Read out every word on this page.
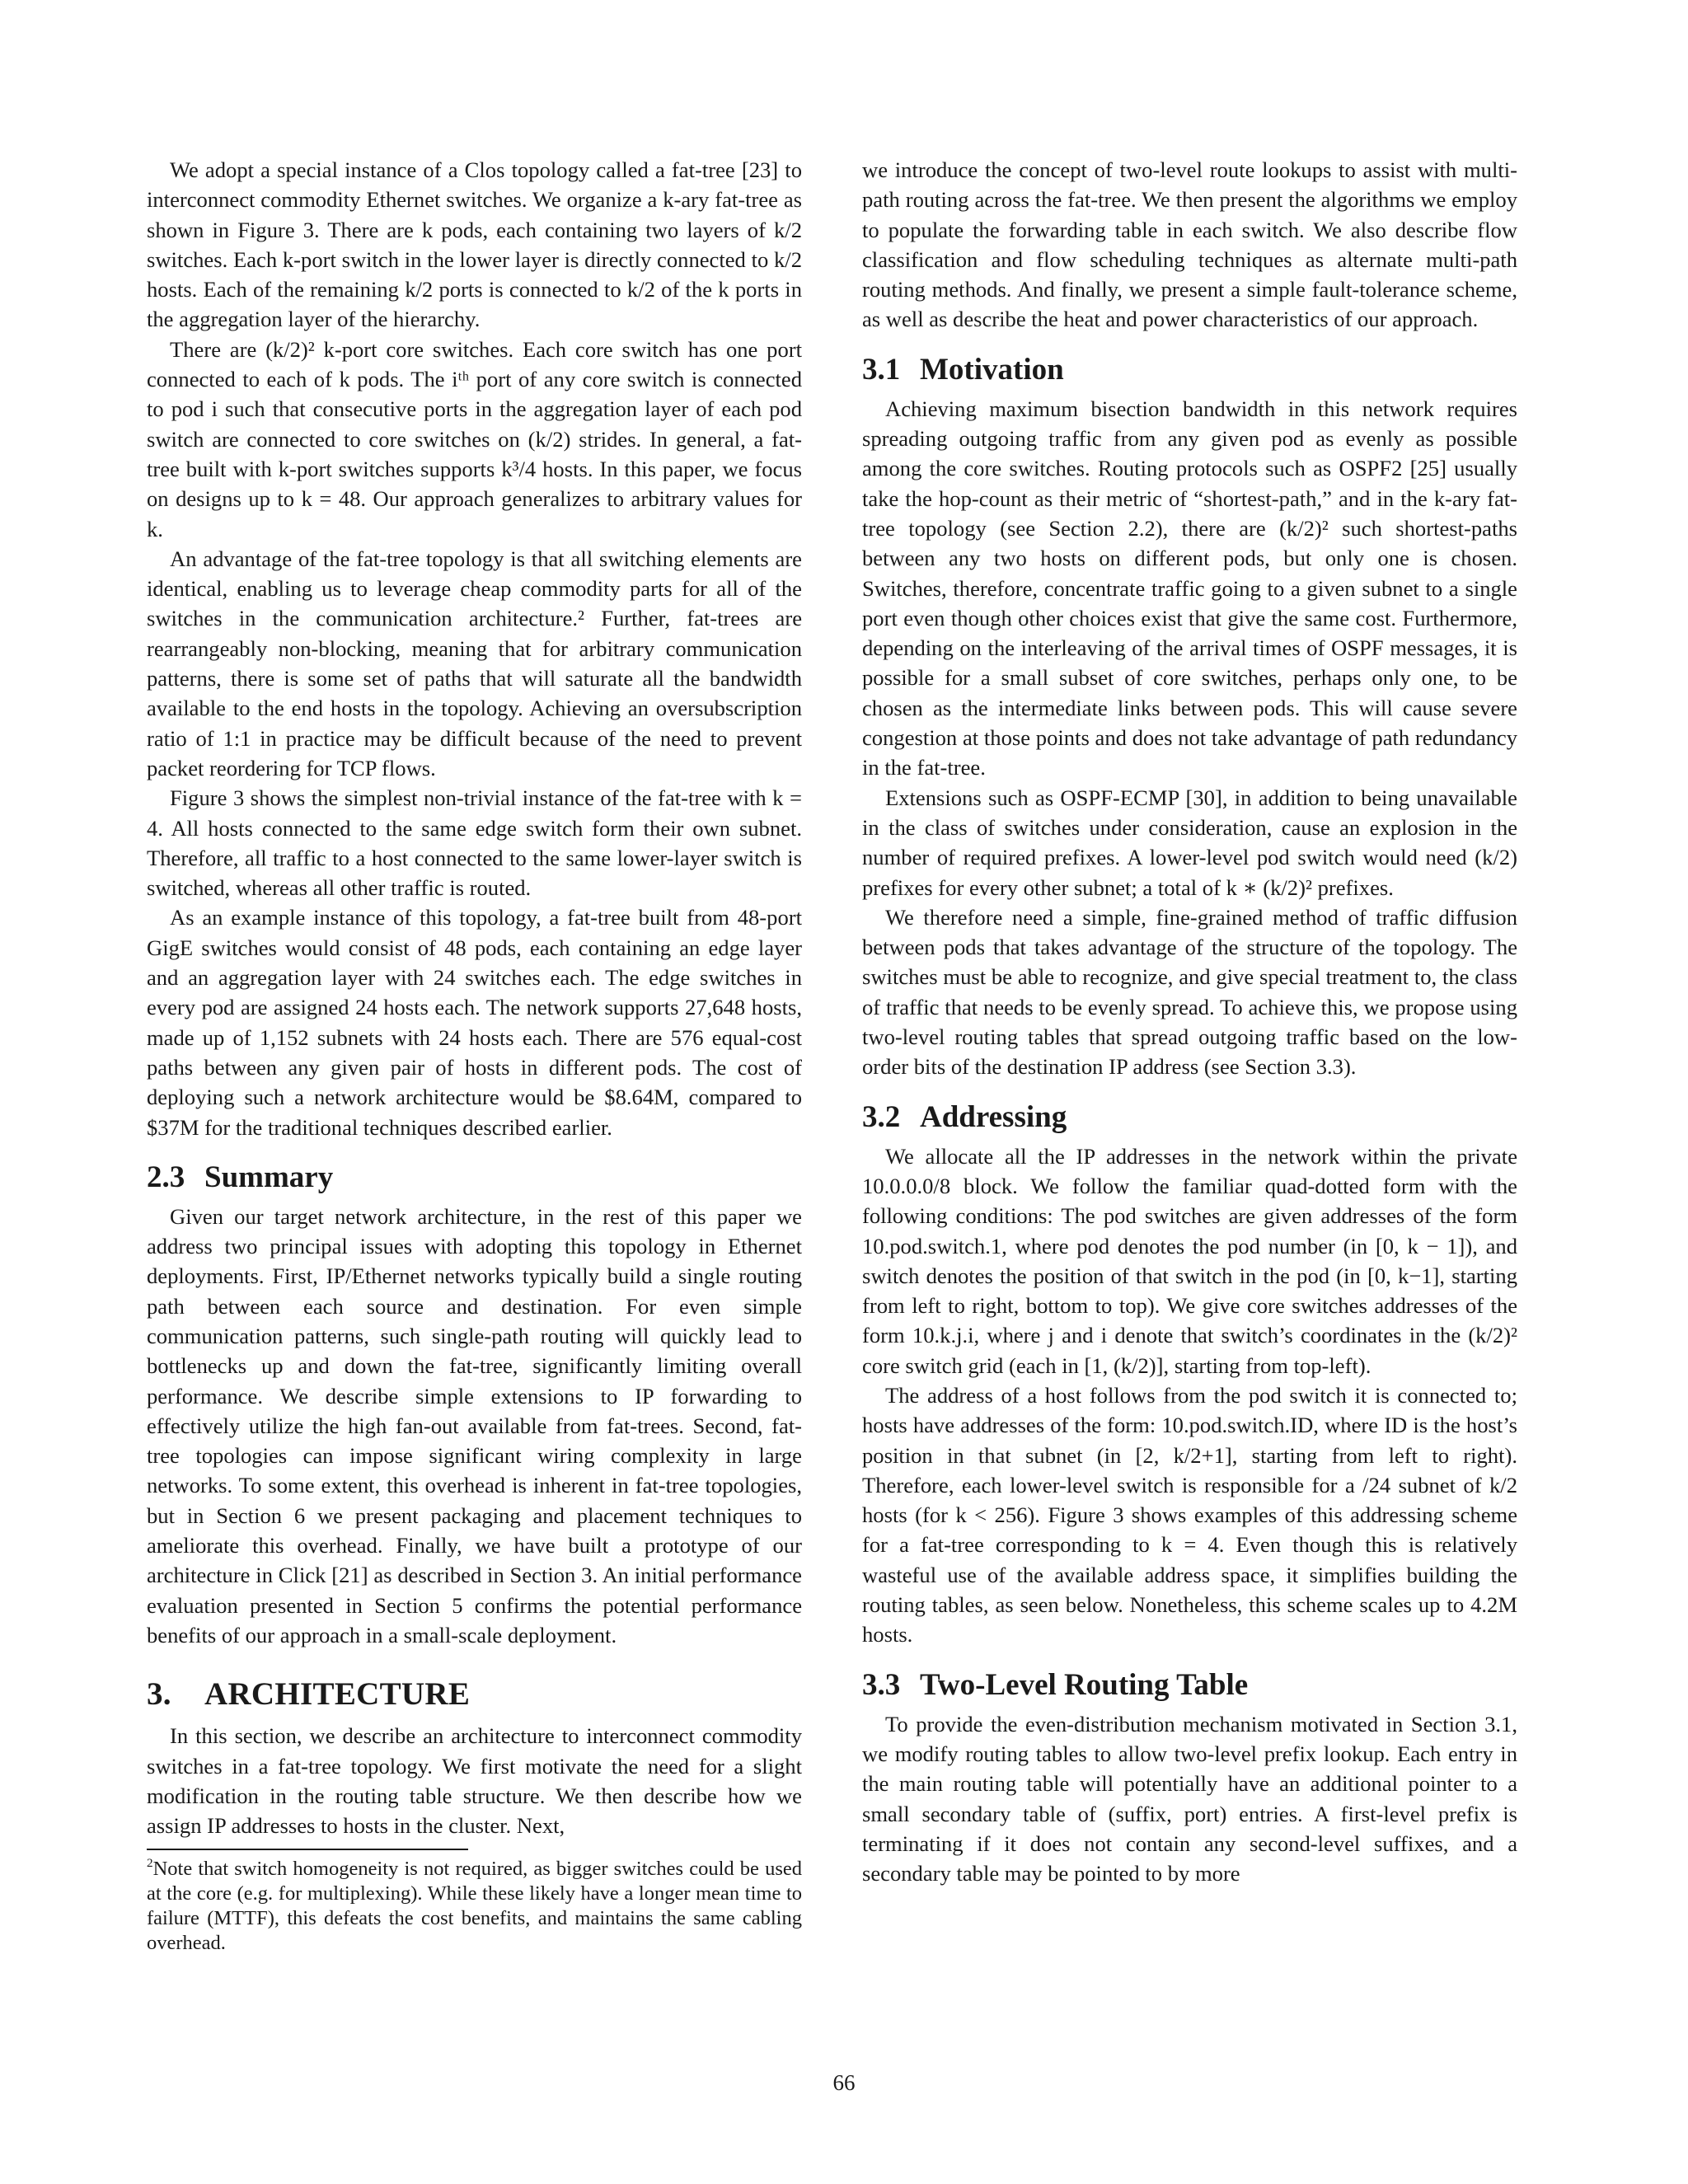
We adopt a special instance of a Clos topology called a fat-tree [23] to interconnect commodity Ethernet switches. We organize a k-ary fat-tree as shown in Figure 3. There are k pods, each containing two layers of k/2 switches. Each k-port switch in the lower layer is directly connected to k/2 hosts. Each of the remaining k/2 ports is connected to k/2 of the k ports in the aggregation layer of the hierarchy.

There are (k/2)² k-port core switches. Each core switch has one port connected to each of k pods. The iᵗʰ port of any core switch is connected to pod i such that consecutive ports in the aggregation layer of each pod switch are connected to core switches on (k/2) strides. In general, a fat-tree built with k-port switches supports k³/4 hosts. In this paper, we focus on designs up to k = 48. Our approach generalizes to arbitrary values for k.

An advantage of the fat-tree topology is that all switching elements are identical, enabling us to leverage cheap commodity parts for all of the switches in the communication architecture.² Further, fat-trees are rearrangeably non-blocking, meaning that for arbitrary communication patterns, there is some set of paths that will saturate all the bandwidth available to the end hosts in the topology. Achieving an oversubscription ratio of 1:1 in practice may be difficult because of the need to prevent packet reordering for TCP flows.

Figure 3 shows the simplest non-trivial instance of the fat-tree with k = 4. All hosts connected to the same edge switch form their own subnet. Therefore, all traffic to a host connected to the same lower-layer switch is switched, whereas all other traffic is routed.

As an example instance of this topology, a fat-tree built from 48-port GigE switches would consist of 48 pods, each containing an edge layer and an aggregation layer with 24 switches each. The edge switches in every pod are assigned 24 hosts each. The network supports 27,648 hosts, made up of 1,152 subnets with 24 hosts each. There are 576 equal-cost paths between any given pair of hosts in different pods. The cost of deploying such a network architecture would be $8.64M, compared to $37M for the traditional techniques described earlier.

2.3 Summary

Given our target network architecture, in the rest of this paper we address two principal issues with adopting this topology in Ethernet deployments. First, IP/Ethernet networks typically build a single routing path between each source and destination. For even simple communication patterns, such single-path routing will quickly lead to bottlenecks up and down the fat-tree, significantly limiting overall performance. We describe simple extensions to IP forwarding to effectively utilize the high fan-out available from fat-trees. Second, fat-tree topologies can impose significant wiring complexity in large networks. To some extent, this overhead is inherent in fat-tree topologies, but in Section 6 we present packaging and placement techniques to ameliorate this overhead. Finally, we have built a prototype of our architecture in Click [21] as described in Section 3. An initial performance evaluation presented in Section 5 confirms the potential performance benefits of our approach in a small-scale deployment.

3. ARCHITECTURE

In this section, we describe an architecture to interconnect commodity switches in a fat-tree topology. We first motivate the need for a slight modification in the routing table structure. We then describe how we assign IP addresses to hosts in the cluster. Next,

$^2$Note that switch homogeneity is not required, as bigger switches could be used at the core (e.g. for multiplexing). While these likely have a longer mean time to failure (MTTF), this defeats the cost benefits, and maintains the same cabling overhead.

we introduce the concept of two-level route lookups to assist with multi-path routing across the fat-tree. We then present the algorithms we employ to populate the forwarding table in each switch. We also describe flow classification and flow scheduling techniques as alternate multi-path routing methods. And finally, we present a simple fault-tolerance scheme, as well as describe the heat and power characteristics of our approach.

3.1 Motivation

Achieving maximum bisection bandwidth in this network requires spreading outgoing traffic from any given pod as evenly as possible among the core switches. Routing protocols such as OSPF2 [25] usually take the hop-count as their metric of “shortest-path,” and in the k-ary fat-tree topology (see Section 2.2), there are (k/2)² such shortest-paths between any two hosts on different pods, but only one is chosen. Switches, therefore, concentrate traffic going to a given subnet to a single port even though other choices exist that give the same cost. Furthermore, depending on the interleaving of the arrival times of OSPF messages, it is possible for a small subset of core switches, perhaps only one, to be chosen as the intermediate links between pods. This will cause severe congestion at those points and does not take advantage of path redundancy in the fat-tree.

Extensions such as OSPF-ECMP [30], in addition to being unavailable in the class of switches under consideration, cause an explosion in the number of required prefixes. A lower-level pod switch would need (k/2) prefixes for every other subnet; a total of k ∗ (k/2)² prefixes.

We therefore need a simple, fine-grained method of traffic diffusion between pods that takes advantage of the structure of the topology. The switches must be able to recognize, and give special treatment to, the class of traffic that needs to be evenly spread. To achieve this, we propose using two-level routing tables that spread outgoing traffic based on the low-order bits of the destination IP address (see Section 3.3).

3.2 Addressing

We allocate all the IP addresses in the network within the private 10.0.0.0/8 block. We follow the familiar quad-dotted form with the following conditions: The pod switches are given addresses of the form 10.pod.switch.1, where pod denotes the pod number (in [0, k − 1]), and switch denotes the position of that switch in the pod (in [0, k−1], starting from left to right, bottom to top). We give core switches addresses of the form 10.k.j.i, where j and i denote that switch’s coordinates in the (k/2)² core switch grid (each in [1, (k/2)], starting from top-left).

The address of a host follows from the pod switch it is connected to; hosts have addresses of the form: 10.pod.switch.ID, where ID is the host’s position in that subnet (in [2, k/2+1], starting from left to right). Therefore, each lower-level switch is responsible for a /24 subnet of k/2 hosts (for k < 256). Figure 3 shows examples of this addressing scheme for a fat-tree corresponding to k = 4. Even though this is relatively wasteful use of the available address space, it simplifies building the routing tables, as seen below. Nonetheless, this scheme scales up to 4.2M hosts.

3.3 Two-Level Routing Table

To provide the even-distribution mechanism motivated in Section 3.1, we modify routing tables to allow two-level prefix lookup. Each entry in the main routing table will potentially have an additional pointer to a small secondary table of (suffix, port) entries. A first-level prefix is terminating if it does not contain any second-level suffixes, and a secondary table may be pointed to by more

66
